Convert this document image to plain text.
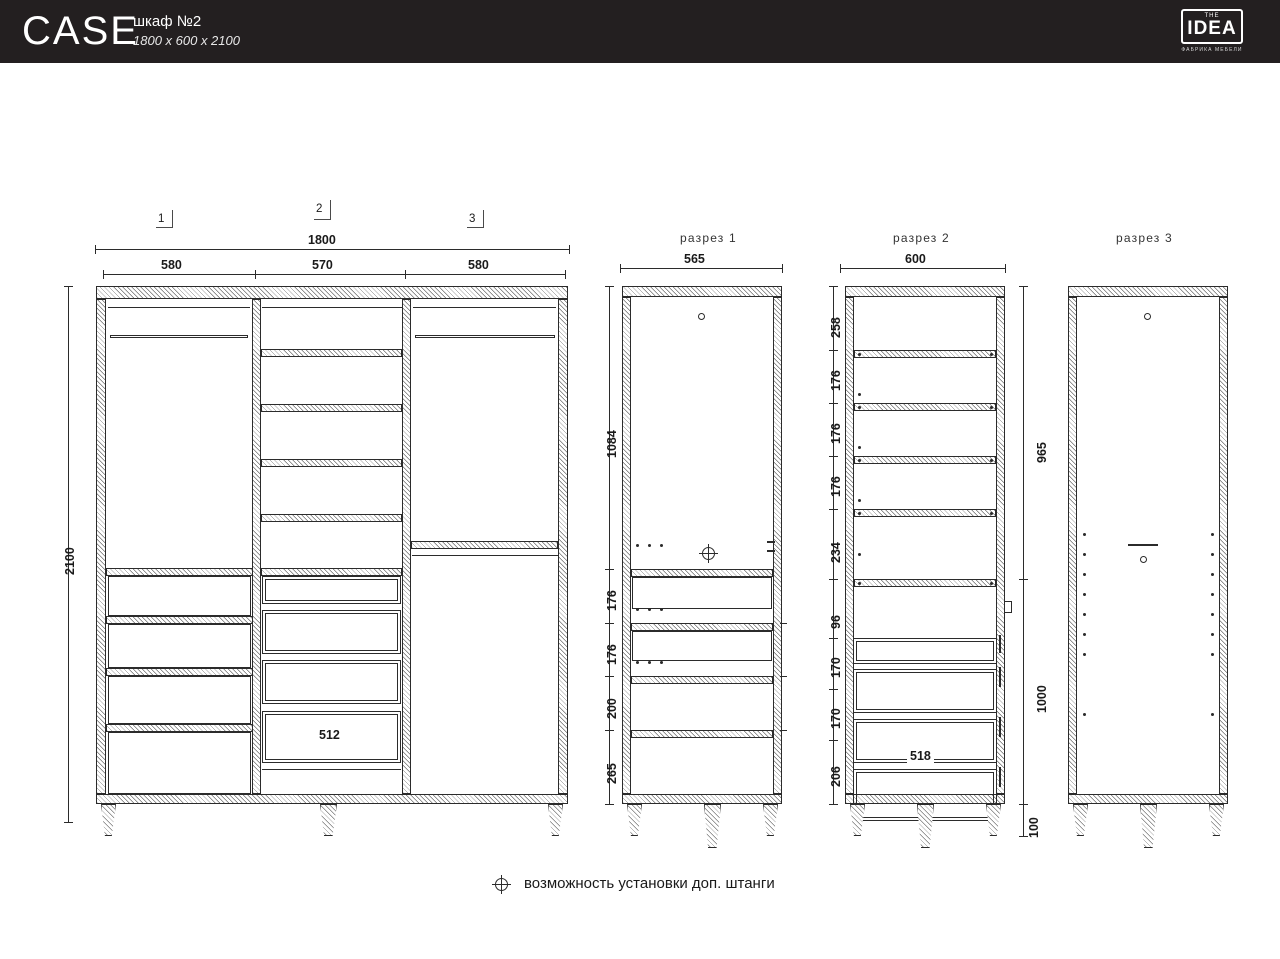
CASE
шкаф №2
1800 x 600 x 2100
THE
IDEA
ФАБРИКА МЕБЕЛИ
1
2
3
1800
580	570	580
2100
512
разрез 1
565
1084
176
176
200
265
разрез 2
600
518
258
176
176
176
234
96
170
170
206
965
1000
100
разрез 3
возможность установки доп. штанги
